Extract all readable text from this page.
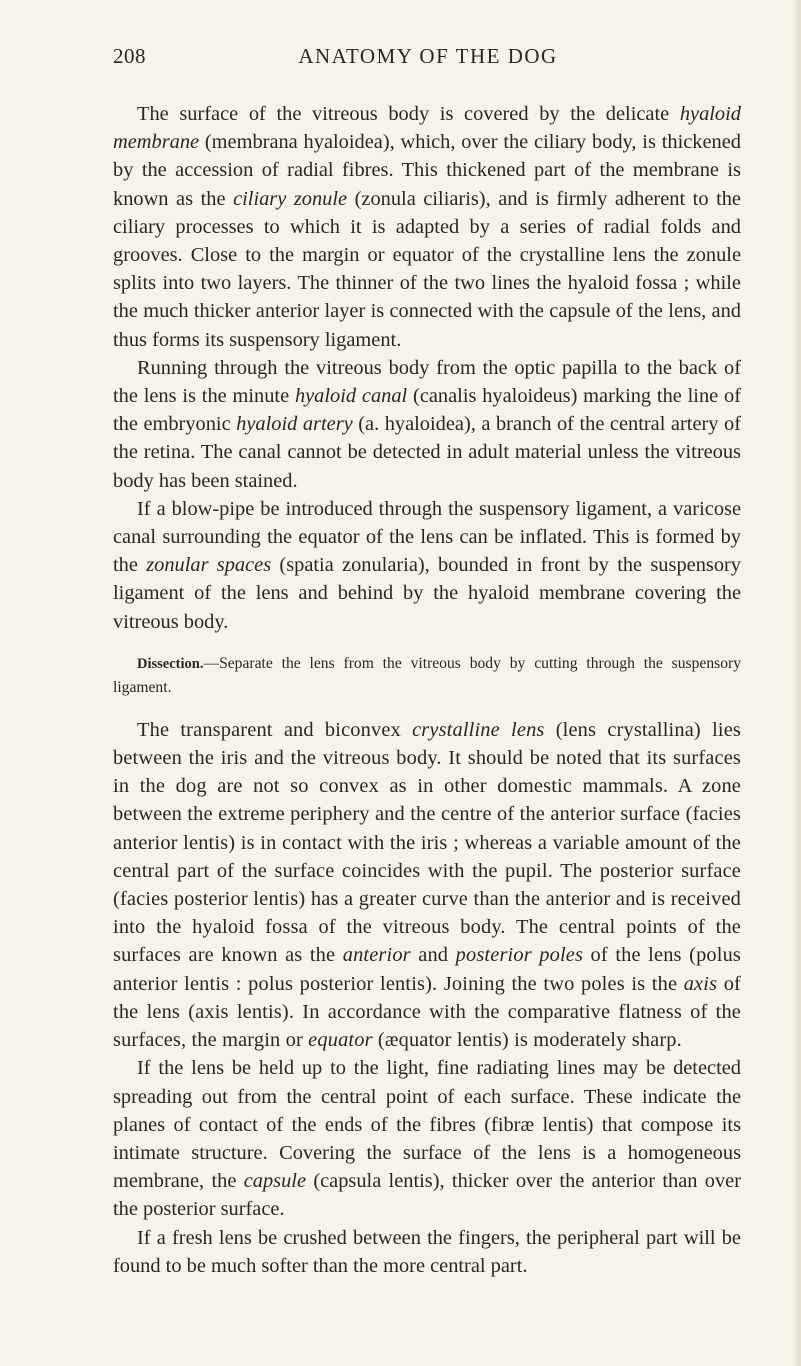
208	ANATOMY OF THE DOG

The surface of the vitreous body is covered by the delicate hyaloid membrane (membrana hyaloidea), which, over the ciliary body, is thickened by the accession of radial fibres. This thickened part of the membrane is known as the ciliary zonule (zonula ciliaris), and is firmly adherent to the ciliary processes to which it is adapted by a series of radial folds and grooves. Close to the margin or equator of the crystalline lens the zonule splits into two layers. The thinner of the two lines the hyaloid fossa ; while the much thicker anterior layer is connected with the capsule of the lens, and thus forms its suspensory ligament.

Running through the vitreous body from the optic papilla to the back of the lens is the minute hyaloid canal (canalis hyaloideus) marking the line of the embryonic hyaloid artery (a. hyaloidea), a branch of the central artery of the retina. The canal cannot be detected in adult material unless the vitreous body has been stained.

If a blow-pipe be introduced through the suspensory ligament, a varicose canal surrounding the equator of the lens can be inflated. This is formed by the zonular spaces (spatia zonularia), bounded in front by the suspensory ligament of the lens and behind by the hyaloid membrane covering the vitreous body.

Dissection.—Separate the lens from the vitreous body by cutting through the suspensory ligament.

The transparent and biconvex crystalline lens (lens crystallina) lies between the iris and the vitreous body. It should be noted that its surfaces in the dog are not so convex as in other domestic mammals. A zone between the extreme periphery and the centre of the anterior surface (facies anterior lentis) is in contact with the iris ; whereas a variable amount of the central part of the surface coincides with the pupil. The posterior surface (facies posterior lentis) has a greater curve than the anterior and is received into the hyaloid fossa of the vitreous body. The central points of the surfaces are known as the anterior and posterior poles of the lens (polus anterior lentis : polus posterior lentis). Joining the two poles is the axis of the lens (axis lentis). In accordance with the comparative flatness of the surfaces, the margin or equator (æquator lentis) is moderately sharp.

If the lens be held up to the light, fine radiating lines may be detected spreading out from the central point of each surface. These indicate the planes of contact of the ends of the fibres (fibræ lentis) that compose its intimate structure. Covering the surface of the lens is a homogeneous membrane, the capsule (capsula lentis), thicker over the anterior than over the posterior surface.

If a fresh lens be crushed between the fingers, the peripheral part will be found to be much softer than the more central part.
